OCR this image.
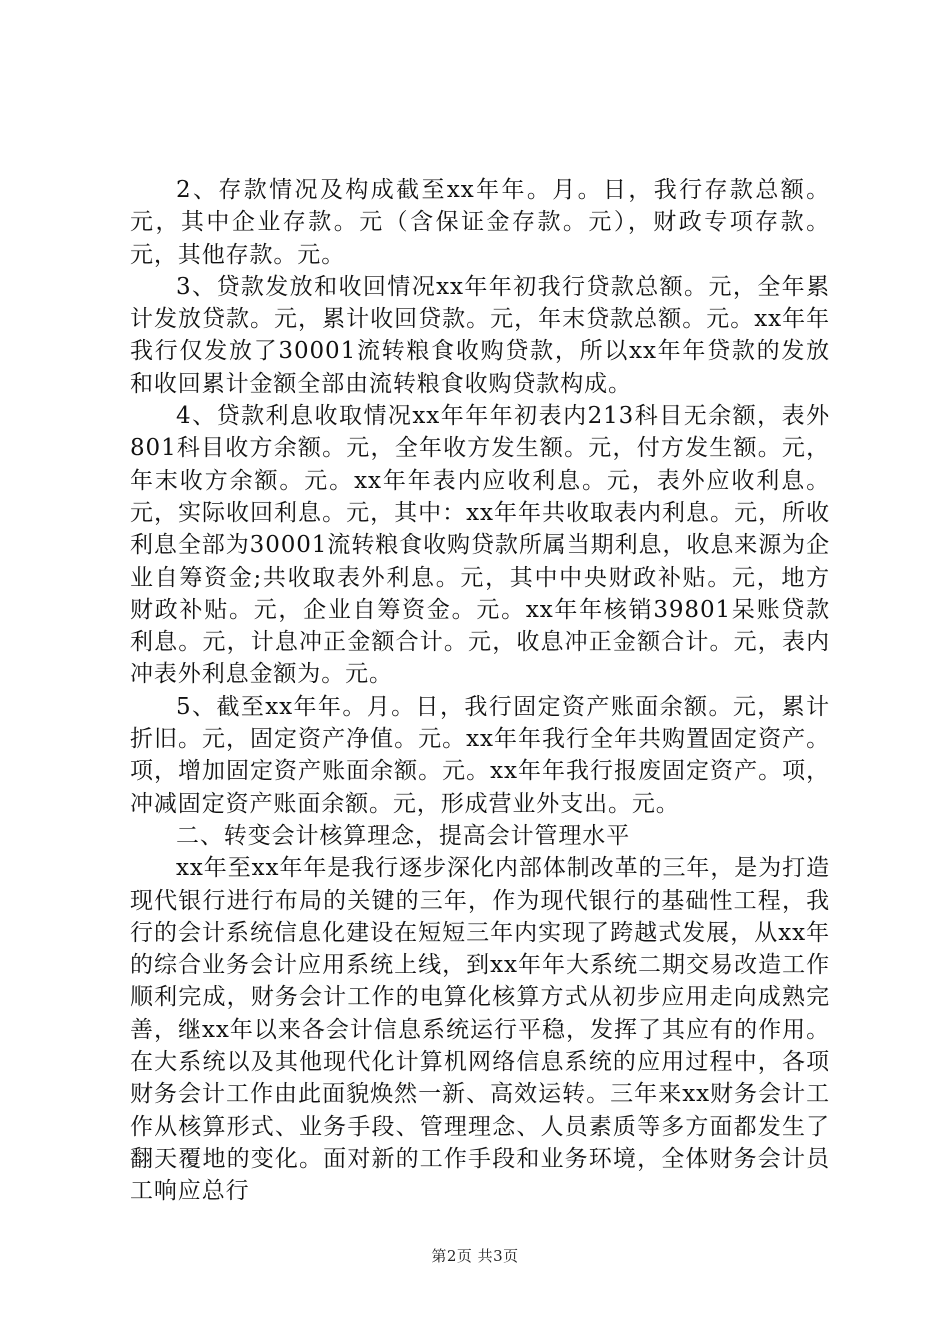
2、存款情况及构成截至xx年年。月。日，我行存款总额。元，其中企业存款。元（含保证金存款。元），财政专项存款。元，其他存款。元。

3、贷款发放和收回情况xx年年初我行贷款总额。元，全年累计发放贷款。元，累计收回贷款。元，年末贷款总额。元。xx年年我行仅发放了30001流转粮食收购贷款，所以xx年年贷款的发放和收回累计金额全部由流转粮食收购贷款构成。

4、贷款利息收取情况xx年年年初表内213科目无余额，表外801科目收方余额。元，全年收方发生额。元，付方发生额。元，年末收方余额。元。xx年年表内应收利息。元，表外应收利息。元，实际收回利息。元，其中：xx年年共收取表内利息。元，所收利息全部为30001流转粮食收购贷款所属当期利息，收息来源为企业自筹资金;共收取表外利息。元，其中中央财政补贴。元，地方财政补贴。元，企业自筹资金。元。xx年年核销39801呆账贷款利息。元，计息冲正金额合计。元，收息冲正金额合计。元，表内冲表外利息金额为。元。

5、截至xx年年。月。日，我行固定资产账面余额。元，累计折旧。元，固定资产净值。元。xx年年我行全年共购置固定资产。项，增加固定资产账面余额。元。xx年年我行报废固定资产。项，冲减固定资产账面余额。元，形成营业外支出。元。

二、转变会计核算理念，提高会计管理水平

xx年至xx年年是我行逐步深化内部体制改革的三年，是为打造现代银行进行布局的关键的三年，作为现代银行的基础性工程，我行的会计系统信息化建设在短短三年内实现了跨越式发展，从xx年的综合业务会计应用系统上线，到xx年年大系统二期交易改造工作顺利完成，财务会计工作的电算化核算方式从初步应用走向成熟完善，继xx年以来各会计信息系统运行平稳，发挥了其应有的作用。在大系统以及其他现代化计算机网络信息系统的应用过程中，各项财务会计工作由此面貌焕然一新、高效运转。三年来xx财务会计工作从核算形式、业务手段、管理理念、人员素质等多方面都发生了翻天覆地的变化。面对新的工作手段和业务环境，全体财务会计员工响应总行

第2页 共3页
